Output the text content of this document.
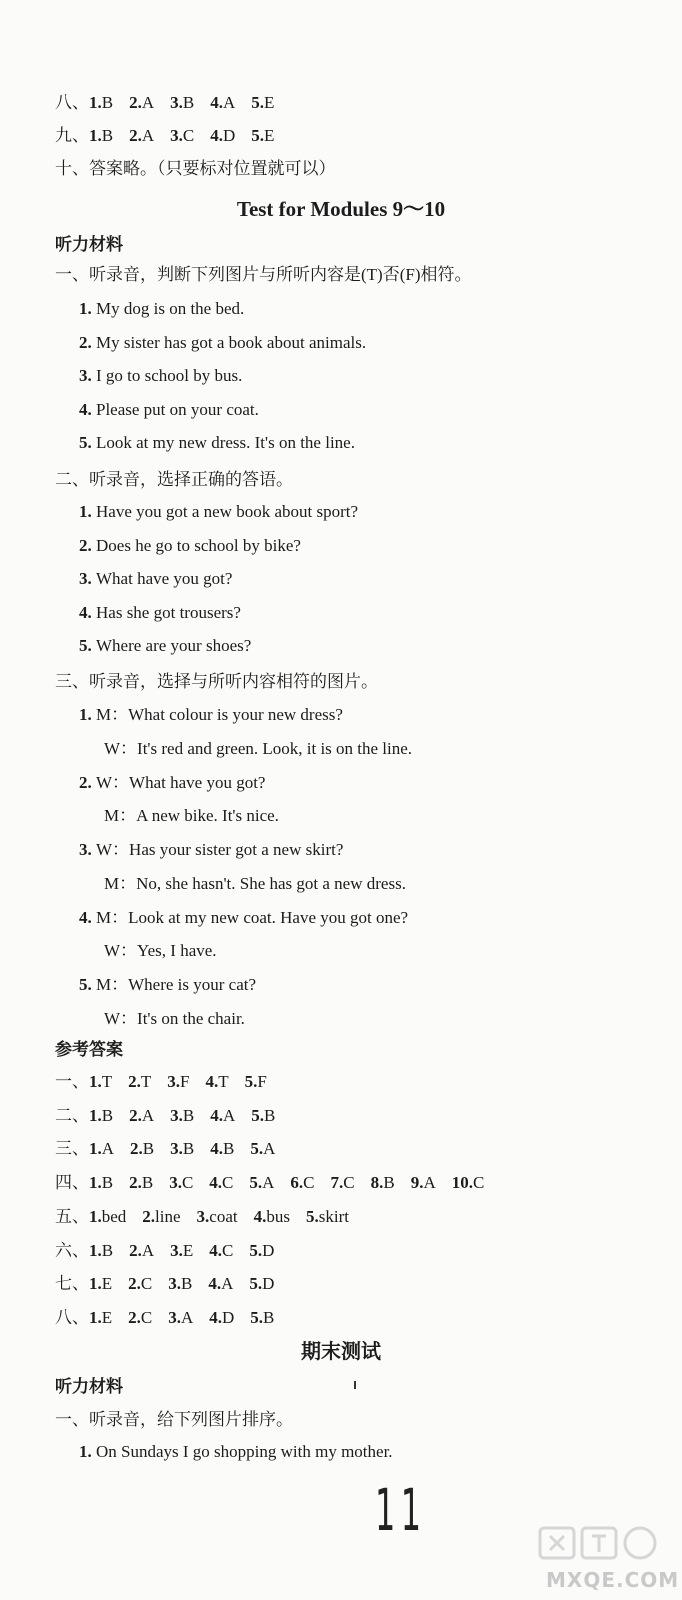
八、1.B 2.A 3.B 4.A 5.E
九、1.B 2.A 3.C 4.D 5.E
十、答案略。（只要标对位置就可以）
Test for Modules 9～10
听力材料
一、听录音，判断下列图片与所听内容是(T)否(F)相符。
1. My dog is on the bed.
2. My sister has got a book about animals.
3. I go to school by bus.
4. Please put on your coat.
5. Look at my new dress. It's on the line.
二、听录音，选择正确的答语。
1. Have you got a new book about sport?
2. Does he go to school by bike?
3. What have you got?
4. Has she got trousers?
5. Where are your shoes?
三、听录音，选择与所听内容相符的图片。
1. M：What colour is your new dress?
W：It's red and green. Look, it is on the line.
2. W：What have you got?
M：A new bike. It's nice.
3. W：Has your sister got a new skirt?
M：No, she hasn't. She has got a new dress.
4. M：Look at my new coat. Have you got one?
W：Yes, I have.
5. M：Where is your cat?
W：It's on the chair.
参考答案
一、1.T 2.T 3.F 4.T 5.F
二、1.B 2.A 3.B 4.A 5.B
三、1.A 2.B 3.B 4.B 5.A
四、1.B 2.B 3.C 4.C 5.A 6.C 7.C 8.B 9.A 10.C
五、1.bed 2.line 3.coat 4.bus 5.skirt
六、1.B 2.A 3.E 4.C 5.D
七、1.E 2.C 3.B 4.A 5.D
八、1.E 2.C 3.A 4.D 5.B
期末测试
听力材料
一、听录音，给下列图片排序。
1. On Sundays I go shopping with my mother.
11
MXQE.COM
